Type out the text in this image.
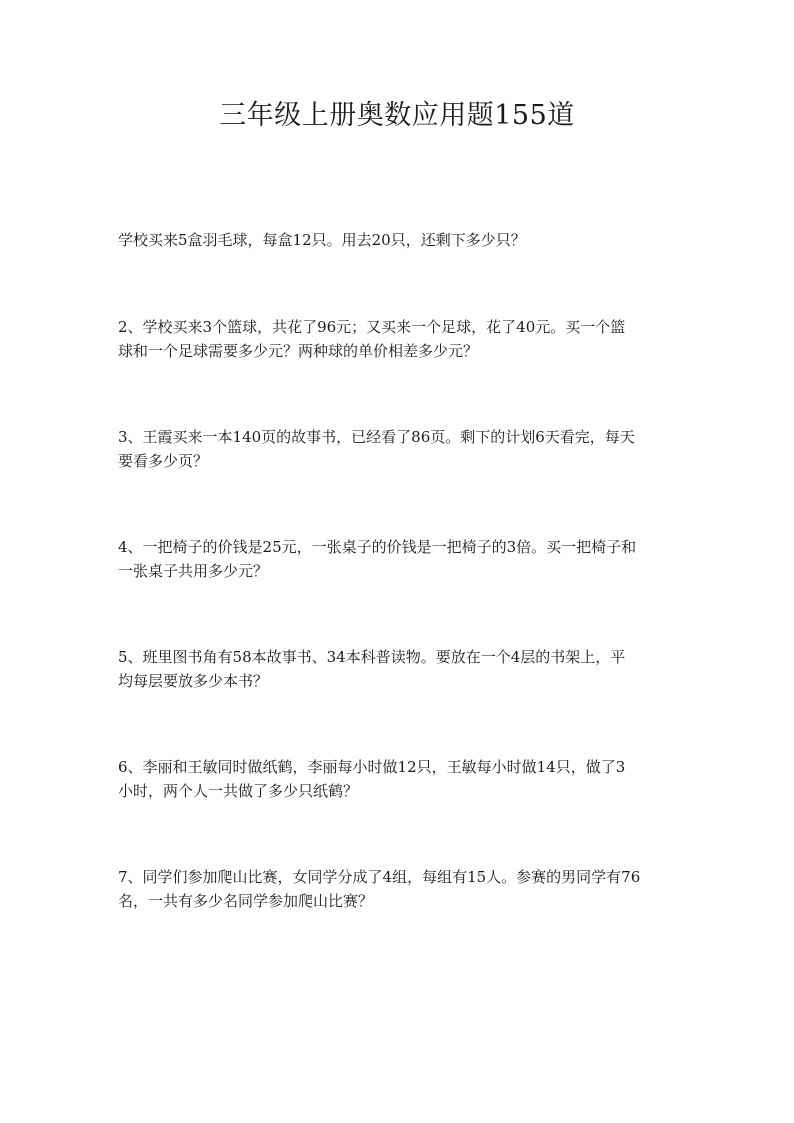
三年级上册奥数应用题155道

学校买来5盒羽毛球，每盒12只。用去20只，还剩下多少只？

2、学校买来3个篮球，共花了96元；又买来一个足球，花了40元。买一个篮
球和一个足球需要多少元？两种球的单价相差多少元？

3、王霞买来一本140页的故事书，已经看了86页。剩下的计划6天看完，每天
要看多少页？

4、一把椅子的价钱是25元，一张桌子的价钱是一把椅子的3倍。买一把椅子和
一张桌子共用多少元？

5、班里图书角有58本故事书、34本科普读物。要放在一个4层的书架上，平
均每层要放多少本书？

6、李丽和王敏同时做纸鹤，李丽每小时做12只，王敏每小时做14只，做了3
小时，两个人一共做了多少只纸鹤？

7、同学们参加爬山比赛，女同学分成了4组，每组有15人。参赛的男同学有76
名，一共有多少名同学参加爬山比赛？
